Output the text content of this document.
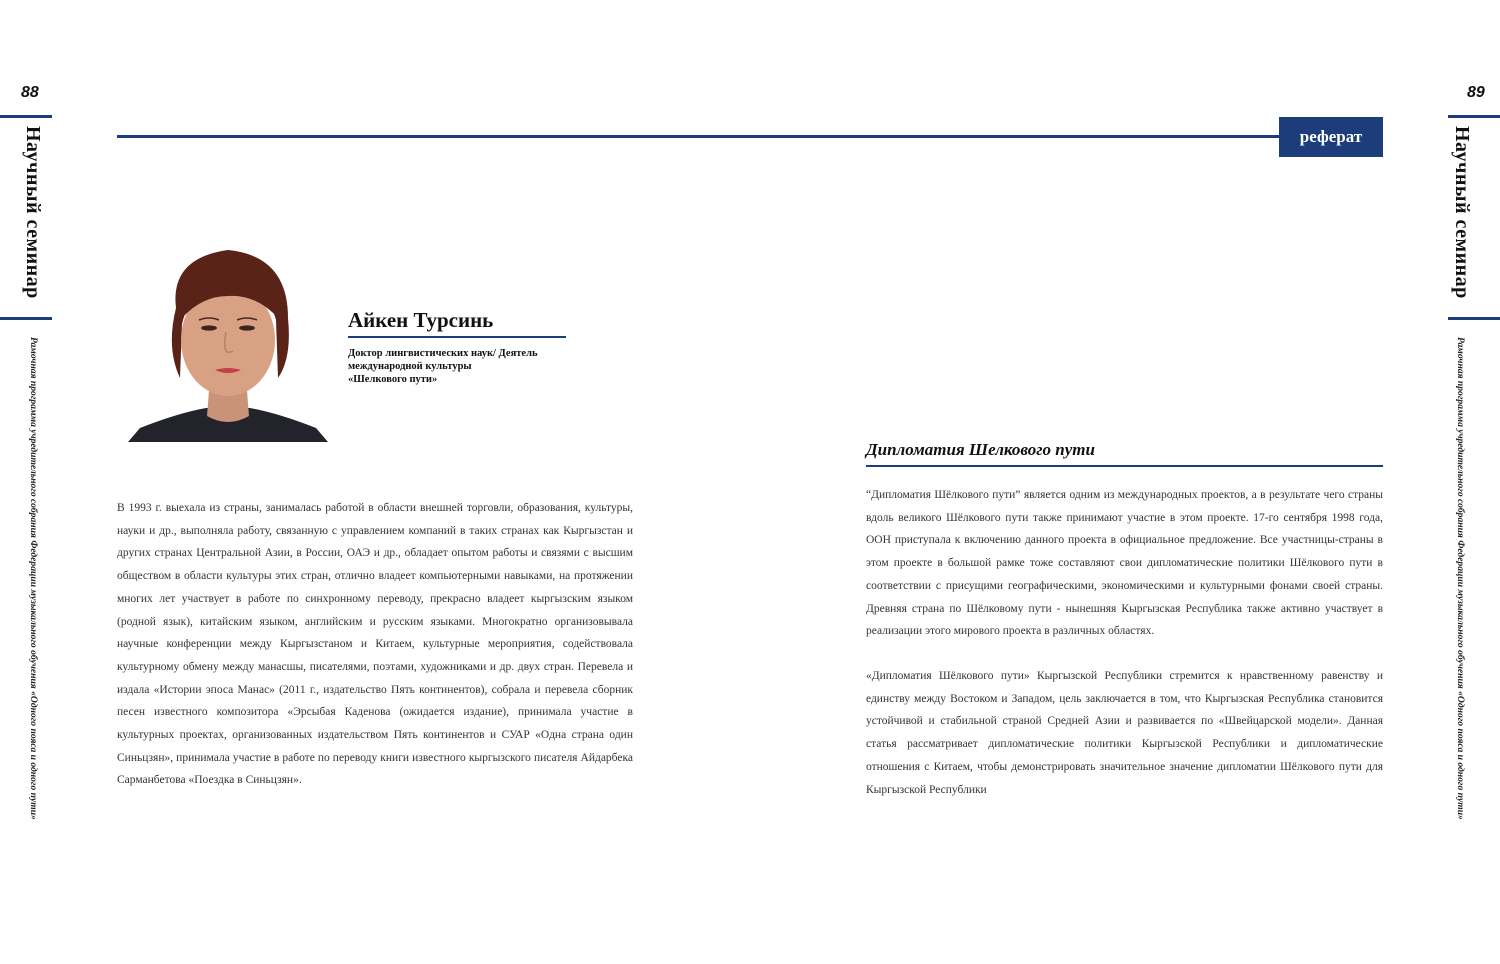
88
Научный семинар
Рамочная программа учредительного собрания Федерации музыкального обучения «Одного пояса и одного пути»
89
Научный семинар
Рамочная программа учредительного собрания Федерации музыкального обучения «Одного пояса и одного пути»
реферат
Айкен Турсинь
Доктор лингвистических наук/ Деятель
международной культуры
«Шелкового пути»
В 1993 г. выехала из страны, занималась работой в области внешней торговли, образования, культуры, науки и др., выполняла работу, связанную с управлением компаний в таких странах как Кыргызстан и других странах Центральной Азии, в России, ОАЭ и др., обладает опытом работы и связями с высшим обществом в области культуры этих стран, отлично владеет компьютерными навыками, на протяжении многих лет участвует в работе по синхронному переводу, прекрасно владеет кыргызским языком (родной язык), китайским языком, английским и русским языками. Многократно организовывала научные конференции между Кыргызстаном и Китаем, культурные мероприятия, содействовала культурному обмену между манасшы, писателями, поэтами, художниками и др. двух стран. Перевела и издала «Истории эпоса Манас» (2011 г., издательство Пять континентов), собрала и перевела сборник песен известного композитора «Эрсыбая Каденова (ожидается издание), принимала участие в культурных проектах, организованных издательством Пять континентов и СУАР «Одна страна один Синьцзян», принимала участие в работе по переводу книги известного кыргызского писателя Айдарбека Сарманбетова «Поездка в Синьцзян».
Дипломатия Шелкового пути
“Дипломатия Шёлкового пути” является одним из международных проектов, а в результате чего страны вдоль великого Шёлкового пути также принимают участие в этом проекте. 17-го сентября 1998 года, ООН приступала к включению данного проекта в официальное предложение. Все участницы-страны в этом проекте в большой рамке тоже составляют свои дипломатические политики Шёлкового пути в соответствии с присущими географическими, экономическими и культурными фонами своей страны. Древняя страна по Шёлковому пути - нынешняя Кыргызская Республика также активно участвует в реализации этого мирового проекта в различных областях.
«Дипломатия Шёлкового пути» Кыргызской Республики стремится к нравственному равенству и единству между Востоком и Западом, цель заключается в том, что Кыргызская Республика становится устойчивой и стабильной страной Средней Азии и развивается по «Швейцарской модели». Данная статья рассматривает дипломатические политики Кыргызской Республики и дипломатические отношения с Китаем, чтобы демонстрировать значительное значение дипломатии Шёлкового пути для Кыргызской Республики
